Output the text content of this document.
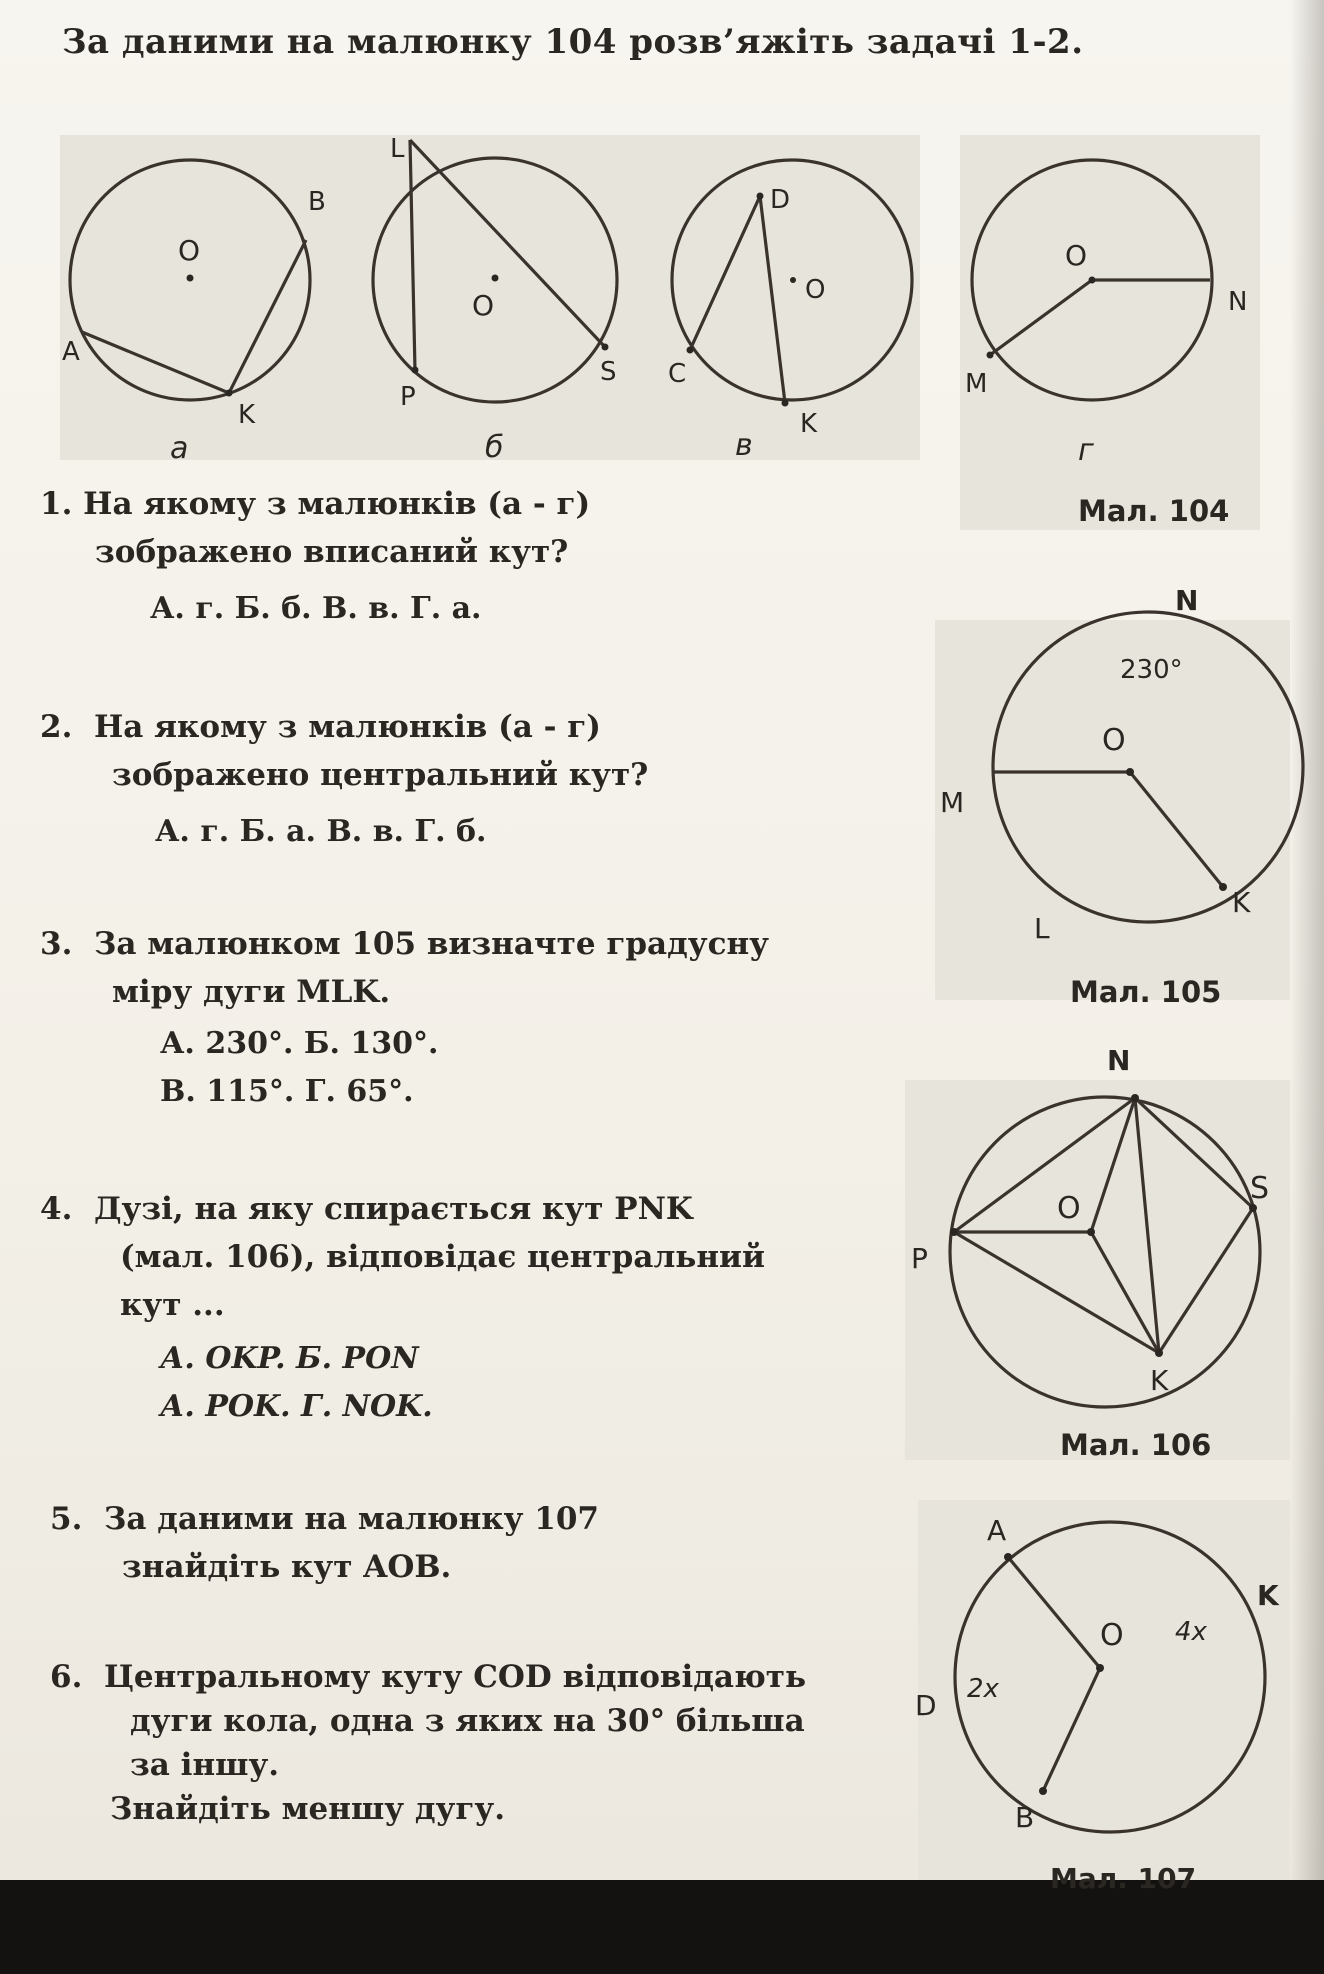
За даними на малюнку 104 розв’яжіть задачі 1-2.
O
B
A
K
а
L
O
P
S
б
D
O
C
K
в
O
N
M
г
Мал. 104
1. На якому з малюнків (а - г)
зображено вписаний кут?
А. г. Б. б. В. в. Г. а.	N
230°
O
M
L
K
Мал. 105
2. На якому з малюнків (а - г)
зображено центральний кут?
А. г. Б. а. В. в. Г. б.
3. За малюнком 105 визначте градусну
міру дуги MLK.
А. 230°. Б. 130°.
В. 115°. Г. 65°.
N
O
S
P
K
Мал. 106
4. Дузі, на яку спирається кут PNK
(мал. 106), відповідає центральний
кут ...
А. OKP. Б. PON
А. POK. Г. NOK.
A
K
O 4x
D 2x
B
Мал. 107
5. За даними на малюнку 107
знайдіть кут AOB.
6. Центральному куту COD відповідають
дуги кола, одна з яких на 30° більша
за іншу.
Знайдіть меншу дугу.
